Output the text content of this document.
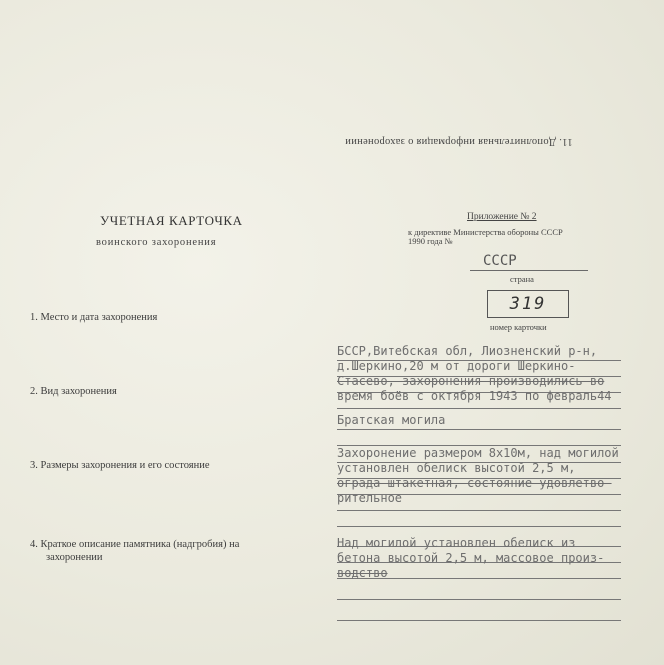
11. Дополнительная информация о захоронении
УЧЕТНАЯ КАРТОЧКА
воинского захоронения
Приложение № 2
к директиве Министерства обороны СССР
1990 года №
СССР
страна
319
номер карточки
1. Место и дата захоронения
БССР,Витебская обл, Лиозненский р-н,
д.Шеркино,20 м от дороги Шеркино-
Стасево, захоронения производились во
время боёв с октября 1943 по февраль44
2. Вид захоронения
Братская могила
3. Размеры захоронения и его состояние
Захоронение размером 8х10м, над могилой
установлен обелиск высотой 2,5 м,
ограда штакетная, состояние удовлетво-
рительное
4. Краткое описание памятника (надгробия) на
захоронении
Над могилой установлен обелиск из
бетона высотой 2,5 м, массовое произ-
водство
